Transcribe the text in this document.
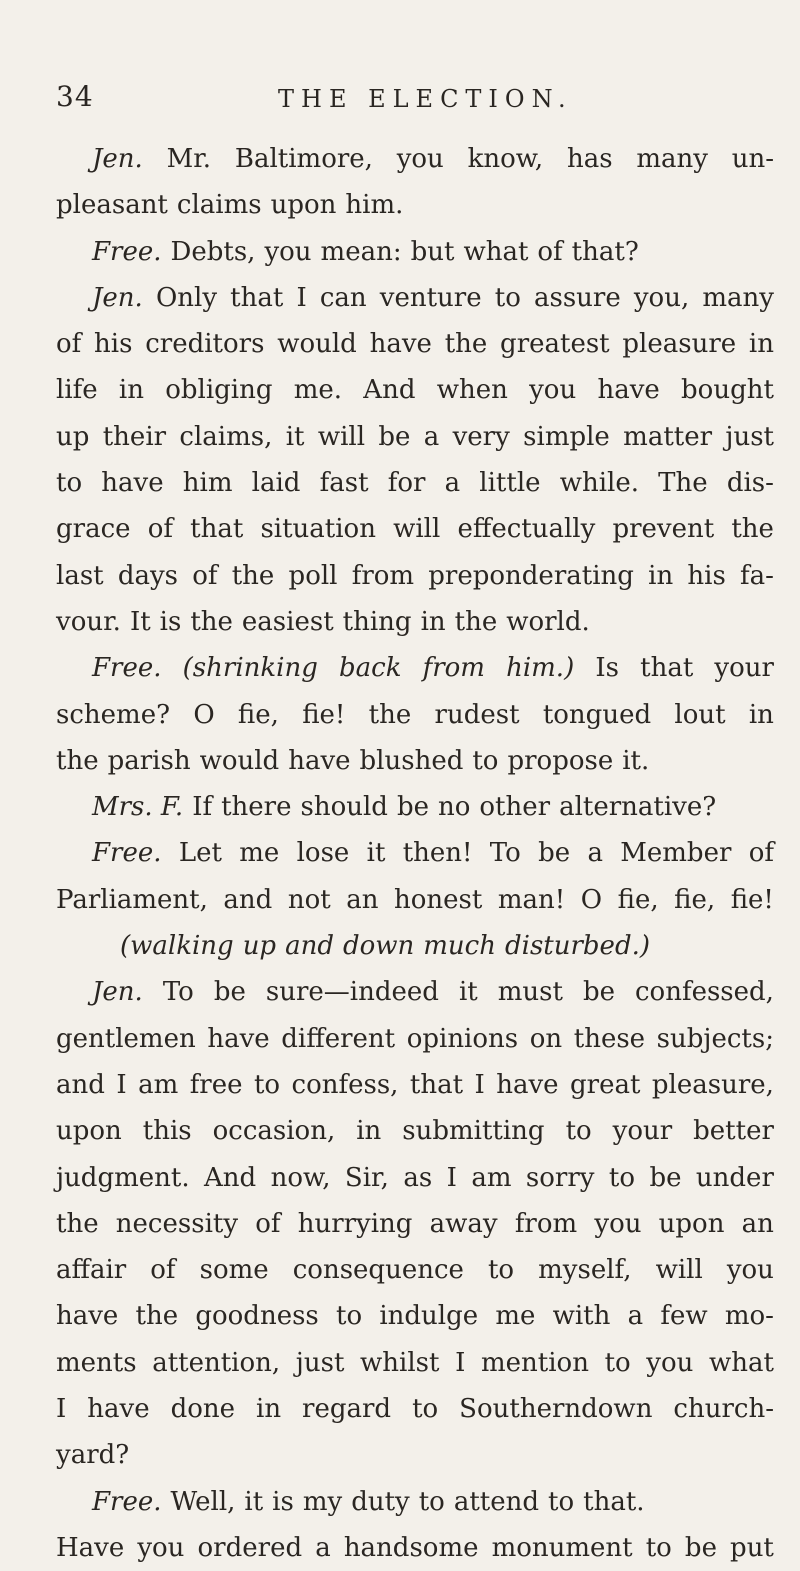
34	THE ELECTION.
Jen. Mr. Baltimore, you know, has many un-
pleasant claims upon him.
Free. Debts, you mean: but what of that?
Jen. Only that I can venture to assure you, many
of his creditors would have the greatest pleasure in
life in obliging me. And when you have bought
up their claims, it will be a very simple matter just
to have him laid fast for a little while. The dis-
grace of that situation will effectually prevent the
last days of the poll from preponderating in his fa-
vour. It is the easiest thing in the world.
Free. (shrinking back from him.) Is that your
scheme? O fie, fie! the rudest tongued lout in
the parish would have blushed to propose it.
Mrs. F. If there should be no other alternative?
Free. Let me lose it then! To be a Member of
Parliament, and not an honest man! O fie, fie, fie!
(walking up and down much disturbed.)
Jen. To be sure—indeed it must be confessed,
gentlemen have different opinions on these subjects;
and I am free to confess, that I have great pleasure,
upon this occasion, in submitting to your better
judgment. And now, Sir, as I am sorry to be under
the necessity of hurrying away from you upon an
affair of some consequence to myself, will you
have the goodness to indulge me with a few mo-
ments attention, just whilst I mention to you what
I have done in regard to Southerndown church-
yard?
Free. Well, it is my duty to attend to that.
Have you ordered a handsome monument to be put
